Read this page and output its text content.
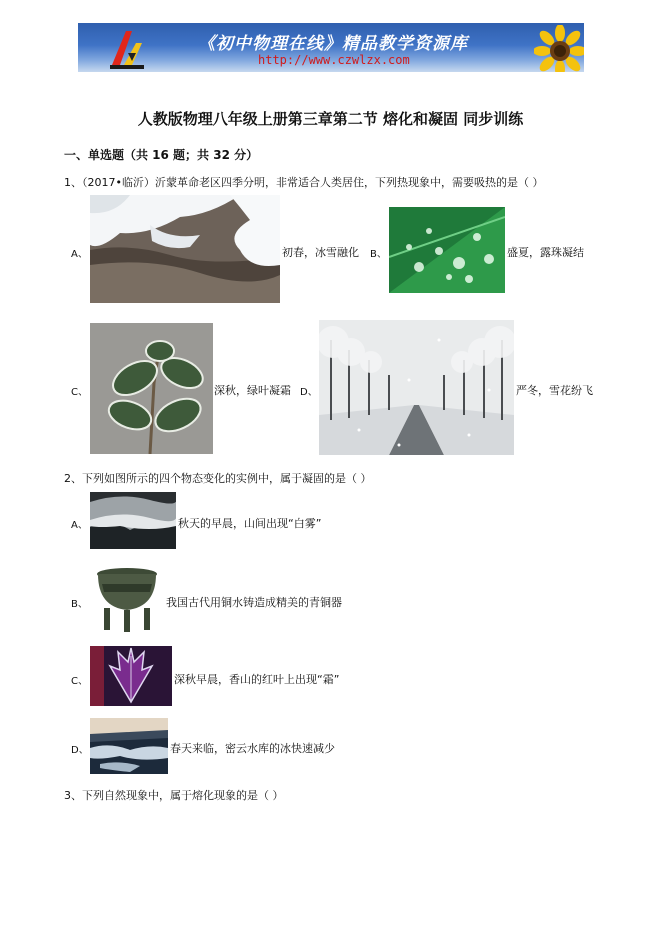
《初中物理在线》精品教学资源库
http://www.czwlzx.com
人教版物理八年级上册第三章第二节 熔化和凝固 同步训练
一、单选题（共 16 题；共 32 分）
1、（2017•临沂）沂蒙革命老区四季分明，非常适合人类居住，下列热现象中，需要吸热的是（ ）
A、	初春，冰雪融化 B、	盛夏，露珠凝结
C、	深秋，绿叶凝霜 D、	严冬，雪花纷飞
2、下列如图所示的四个物态变化的实例中，属于凝固的是（ ）
A、	秋天的早晨，山间出现“白雾”
B、	我国古代用铜水铸造成精美的青铜器
C、	深秋早晨，香山的红叶上出现“霜”
D、	春天来临，密云水库的冰快速减少
3、下列自然现象中，属于熔化现象的是（ ）
